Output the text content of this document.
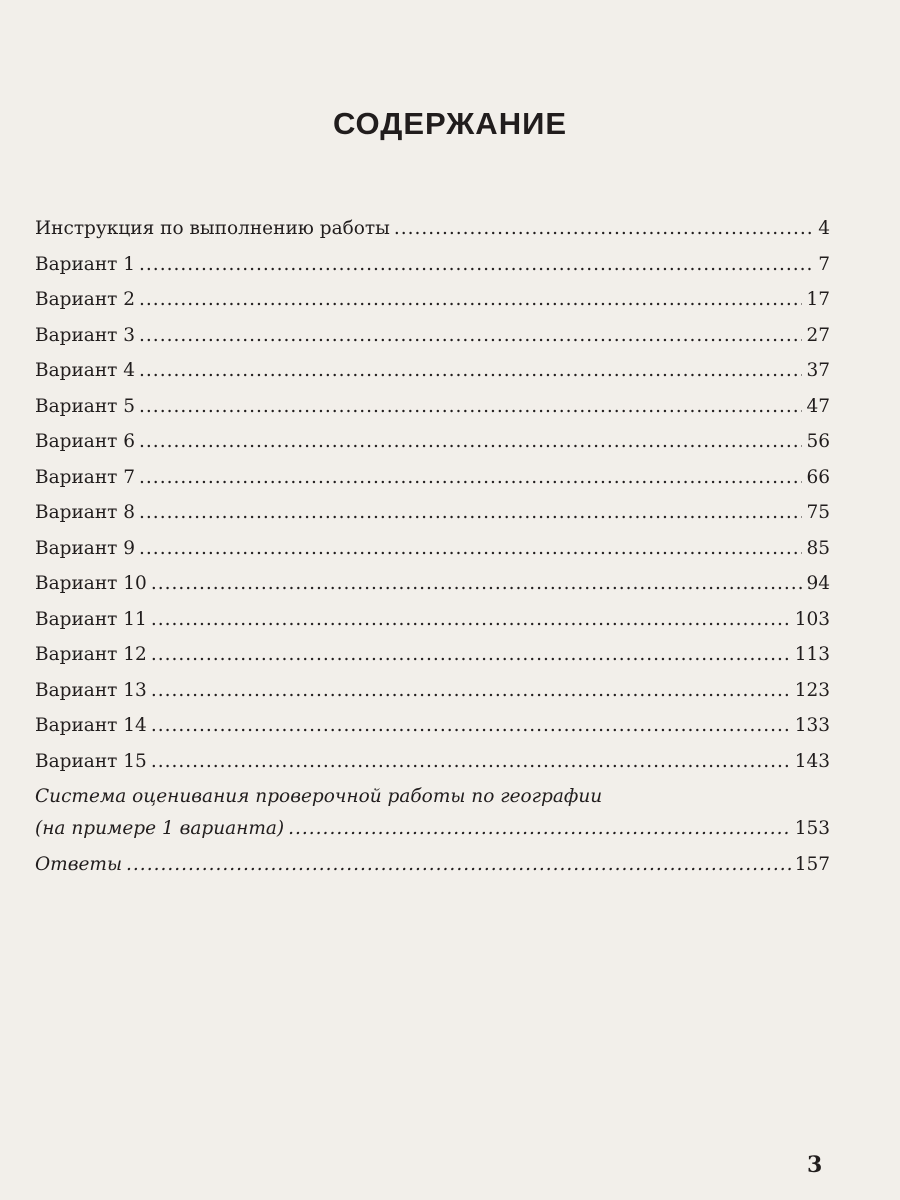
СОДЕРЖАНИЕ
Инструкция по выполнению работы .....	4
Вариант 1 .....	7
Вариант 2 .....	17
Вариант 3 .....	27
Вариант 4 .....	37
Вариант 5 .....	47
Вариант 6 .....	56
Вариант 7 .....	66
Вариант 8 .....	75
Вариант 9 .....	85
Вариант 10 .....	94
Вариант 11 .....	103
Вариант 12 .....	113
Вариант 13 .....	123
Вариант 14 .....	133
Вариант 15 .....	143
Система оценивания проверочной работы по географии
(на примере 1 варианта) .....	153
Ответы .....	157
3
